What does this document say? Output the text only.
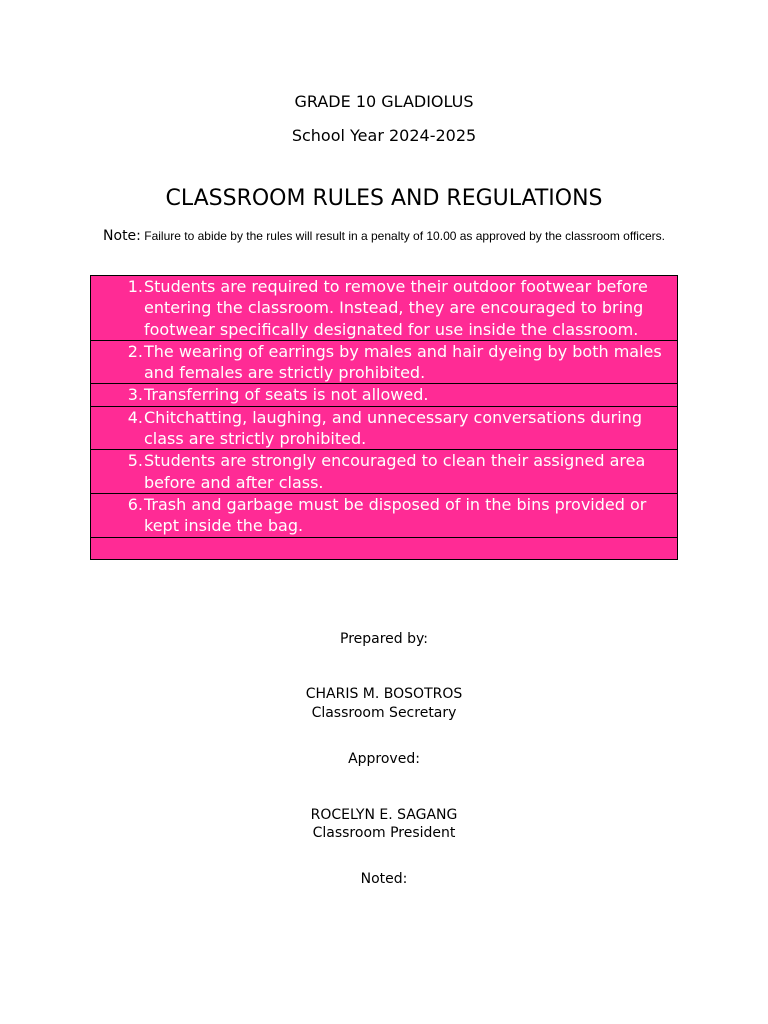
GRADE 10 GLADIOLUS
School Year 2024-2025
CLASSROOM RULES AND REGULATIONS
Note: Failure to abide by the rules will result in a penalty of 10.00 as approved by the classroom officers.
1. Students are required to remove their outdoor footwear before entering the classroom. Instead, they are encouraged to bring footwear specifically designated for use inside the classroom.

2. The wearing of earrings by males and hair dyeing by both males and females are strictly prohibited.

3. Transferring of seats is not allowed.

4. Chitchatting, laughing, and unnecessary conversations during class are strictly prohibited.

5. Students are strongly encouraged to clean their assigned area before and after class.

6. Trash and garbage must be disposed of in the bins provided or kept inside the bag.

Prepared by:
CHARIS M. BOSOTROS
Classroom Secretary
Approved:
ROCELYN E. SAGANG
Classroom President
Noted:
